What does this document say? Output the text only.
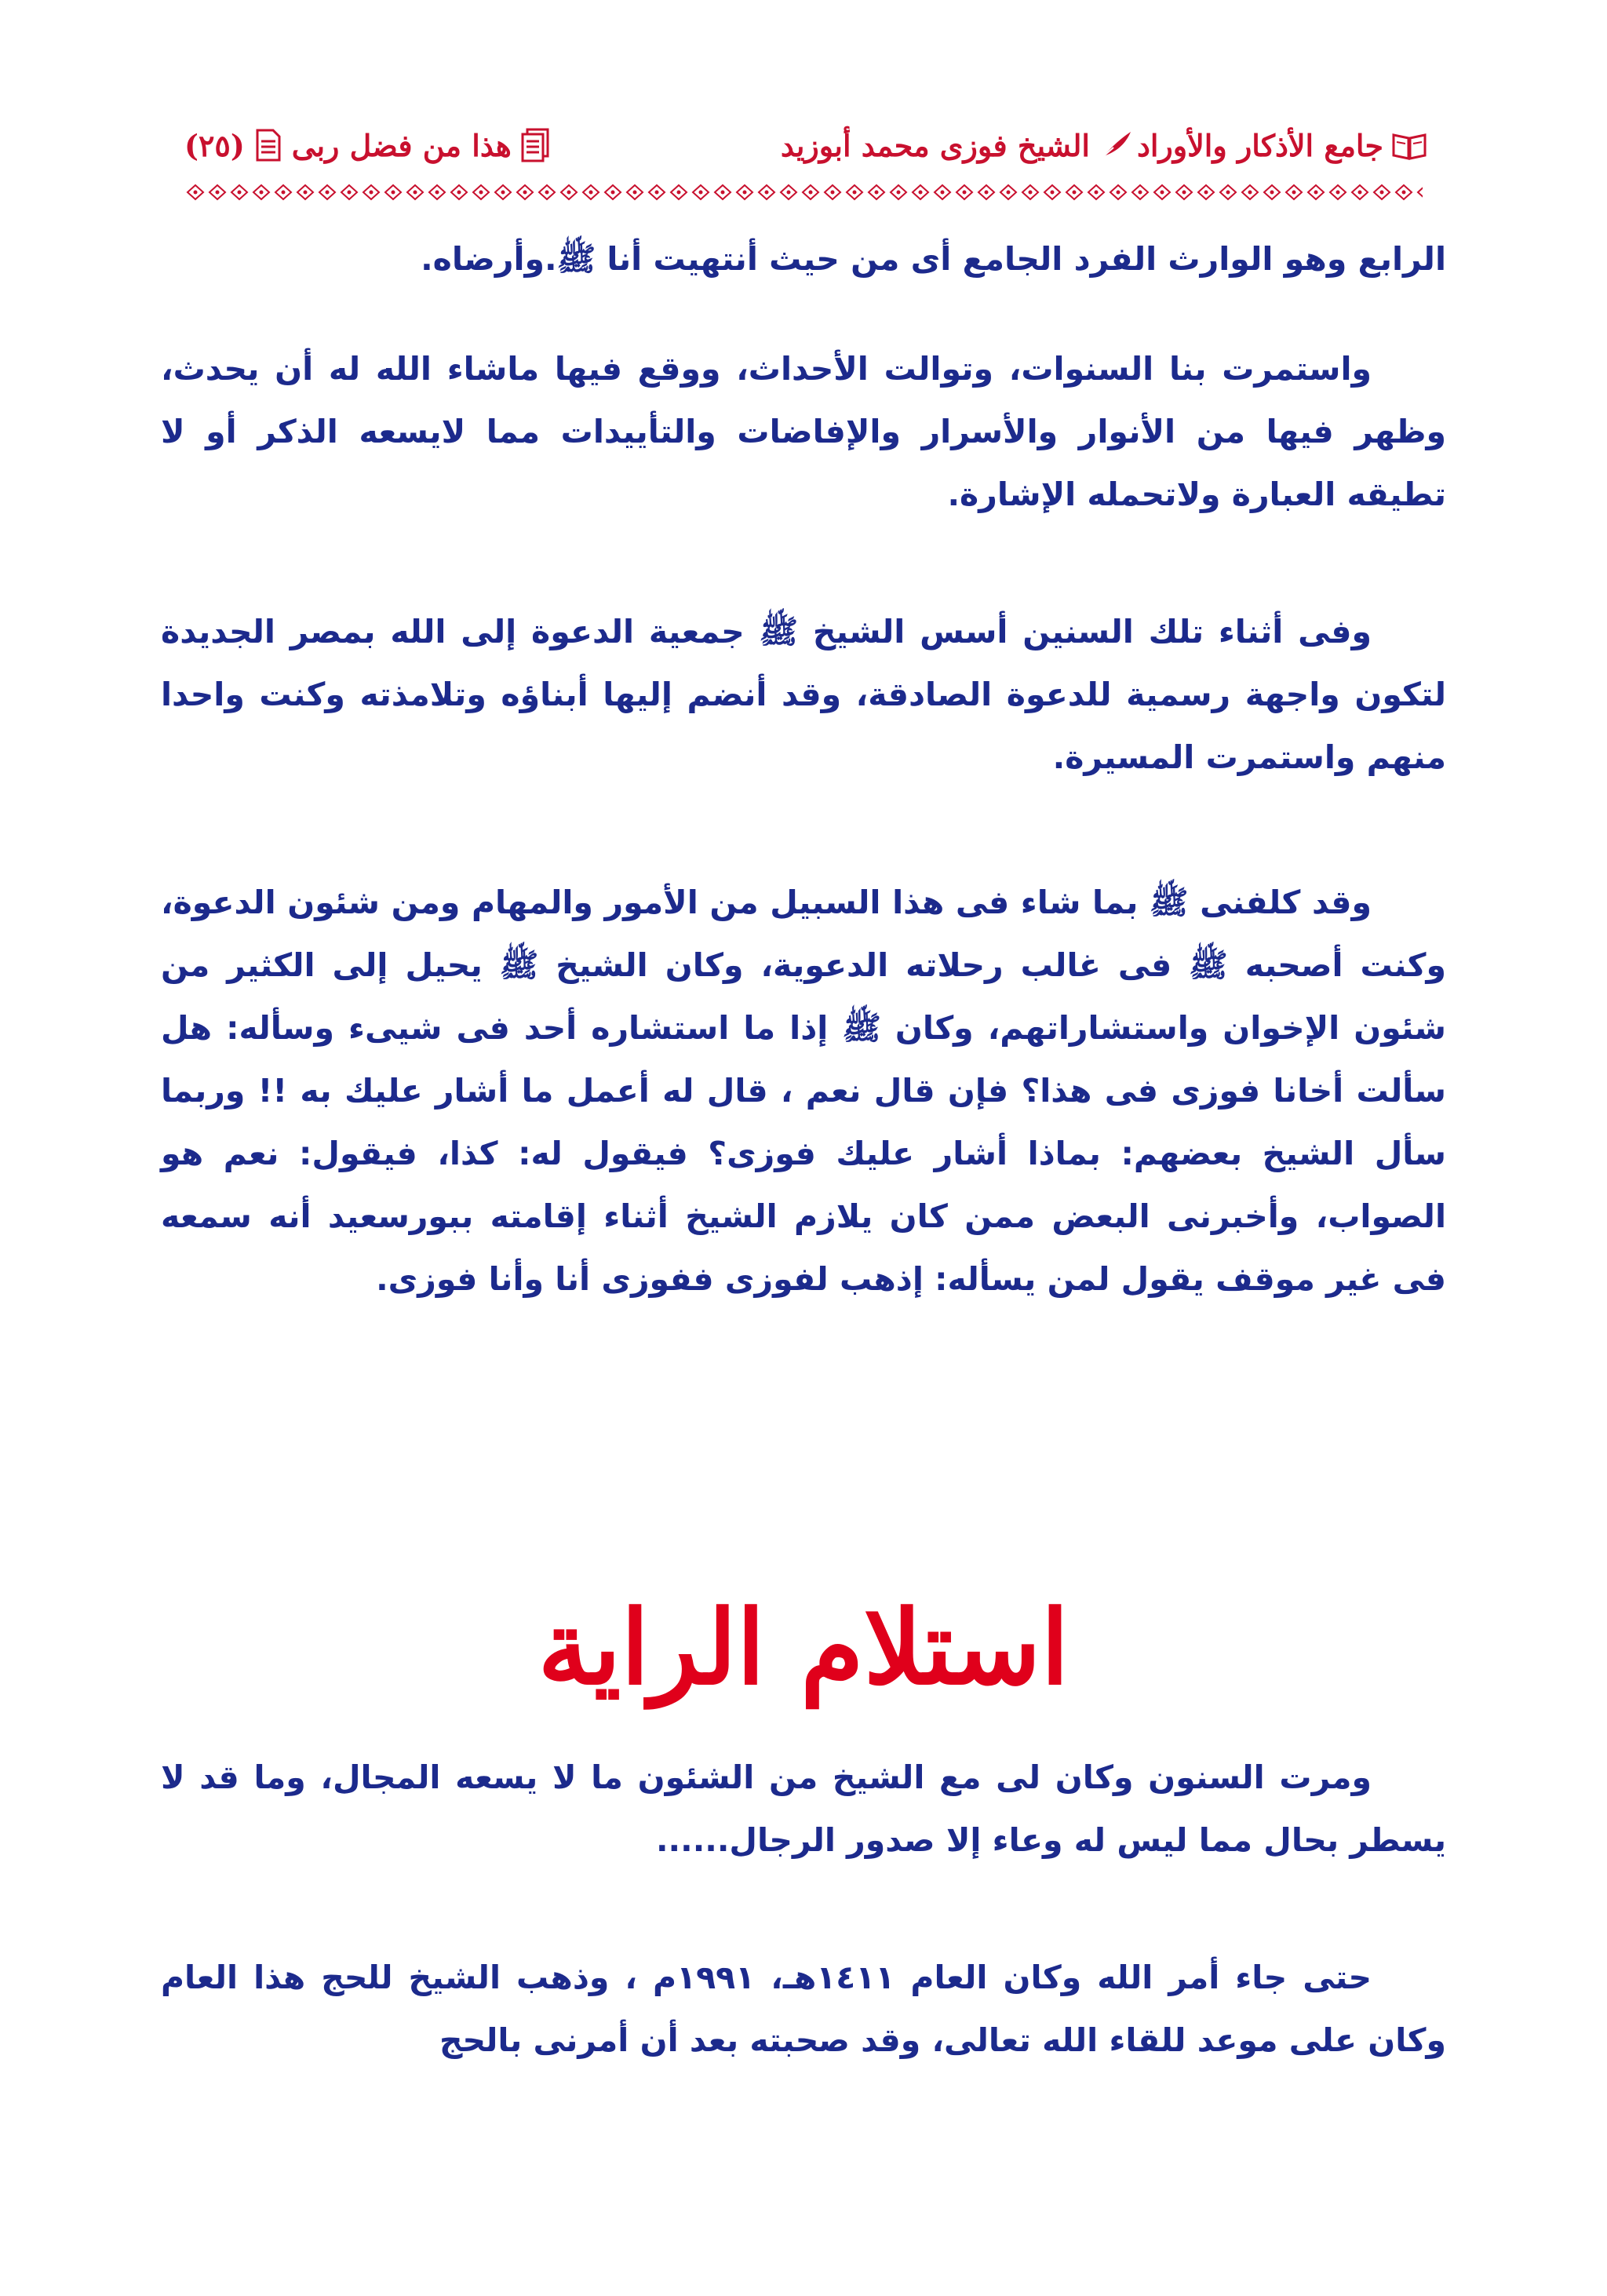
جامع الأذكار والأوراد
الشيخ فوزى محمد أبوزيد
هذا من فضل ربى
(٢٥)

الرابع وهو الوارث الفرد الجامع أى من حيث أنتهيت أنا ﷺ.وأرضاه.

واستمرت بنا السنوات، وتوالت الأحداث، ووقع فيها ماشاء الله له أن يحدث، وظهر فيها من الأنوار والأسرار والإفاضات والتأييدات مما لايسعه الذكر أو لا تطيقه العبارة ولاتحمله الإشارة.

وفى أثناء تلك السنين أسس الشيخ ﷺ جمعية الدعوة إلى الله بمصر الجديدة لتكون واجهة رسمية للدعوة الصادقة، وقد أنضم إليها أبناؤه وتلامذته وكنت واحدا منهم واستمرت المسيرة.

وقد كلفنى ﷺ بما شاء فى هذا السبيل من الأمور والمهام ومن شئون الدعوة، وكنت أصحبه ﷺ فى غالب رحلاته الدعوية، وكان الشيخ ﷺ يحيل إلى الكثير من شئون الإخوان واستشاراتهم، وكان ﷺ إذا ما استشاره أحد فى شيىء وسأله: هل سألت أخانا فوزى فى هذا؟ فإن قال نعم ، قال له أعمل ما أشار عليك به !! وربما سأل الشيخ بعضهم: بماذا أشار عليك فوزى؟ فيقول له: كذا، فيقول: نعم هو الصواب، وأخبرنى البعض ممن كان يلازم الشيخ أثناء إقامته ببورسعيد أنه سمعه فى غير موقف يقول لمن يسأله: إذهب لفوزى ففوزى أنا وأنا فوزى.

استلام الراية

ومرت السنون وكان لى مع الشيخ من الشئون ما لا يسعه المجال، وما قد لا يسطر بحال مما ليس له وعاء إلا صدور الرجال......

حتى جاء أمر الله وكان العام ١٤١١هـ، ١٩٩١م ، وذهب الشيخ للحج هذا العام وكان على موعد للقاء الله تعالى، وقد صحبته بعد أن أمرنى بالحج
